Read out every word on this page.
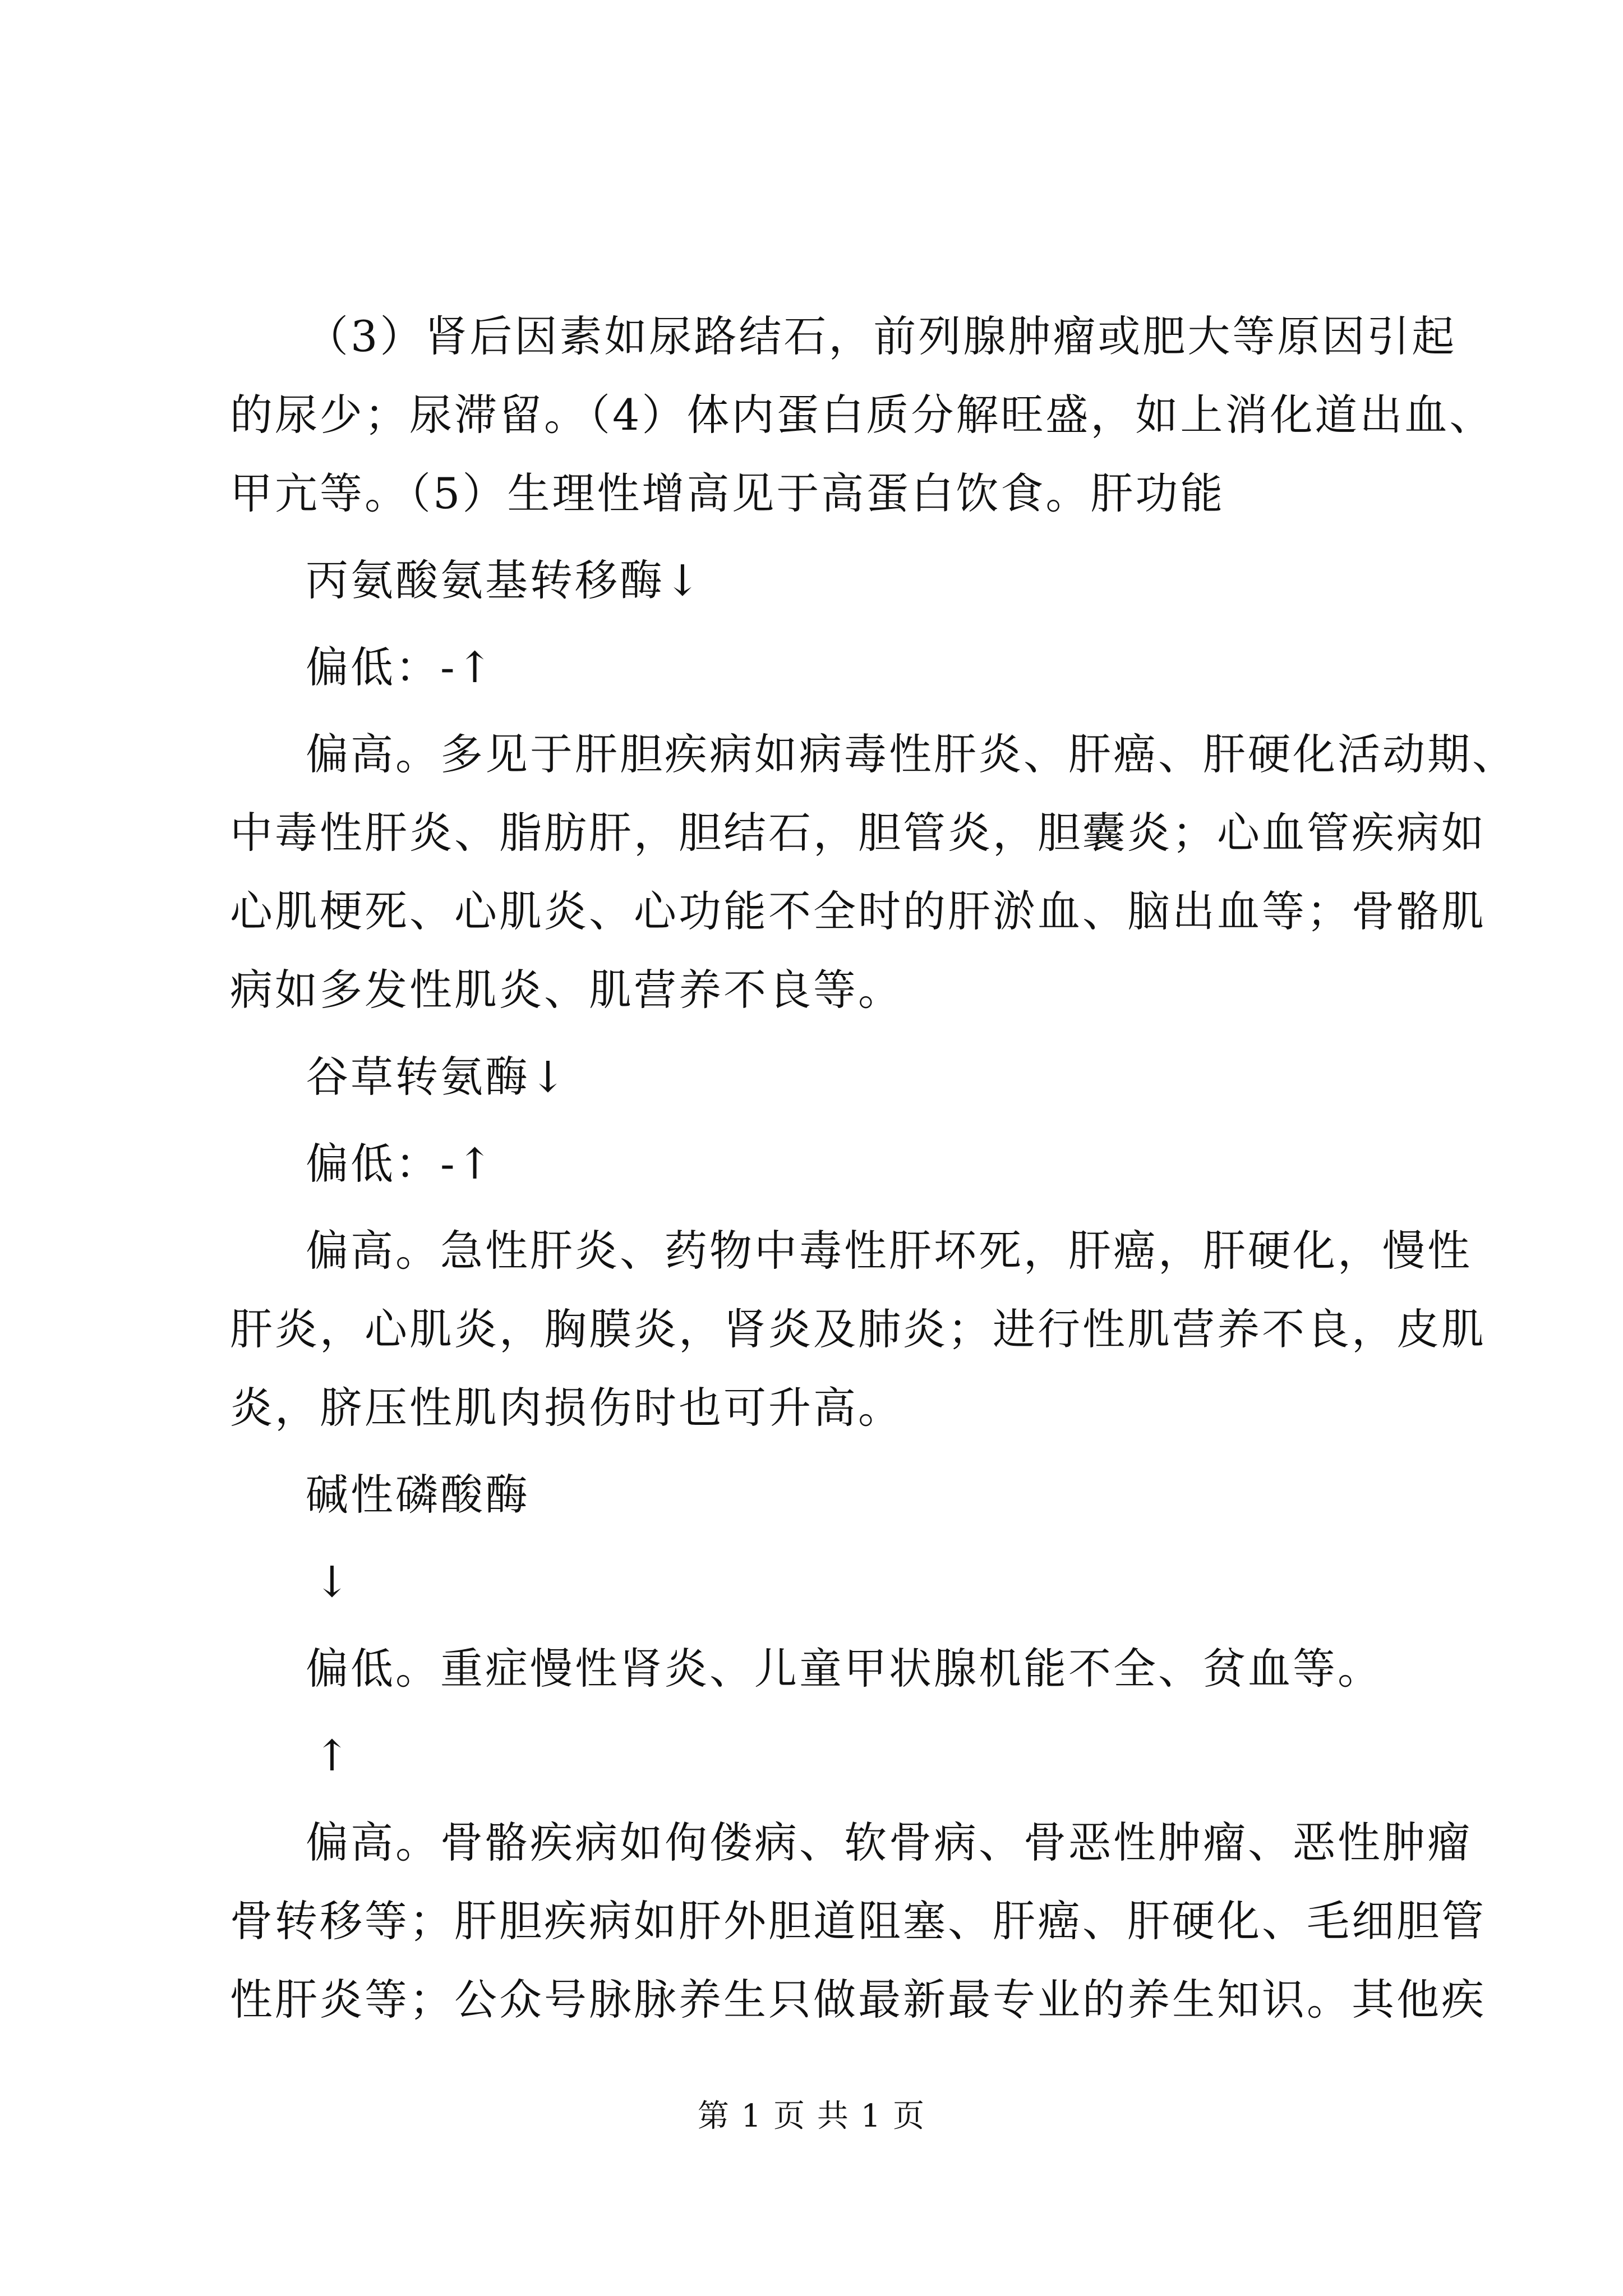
（3）肾后因素如尿路结石，前列腺肿瘤或肥大等原因引起
的尿少；尿滞留。（4）体内蛋白质分解旺盛，如上消化道出血、
甲亢等。（5）生理性增高见于高蛋白饮食。肝功能
丙氨酸氨基转移酶↓
偏低：-↑
偏高。多见于肝胆疾病如病毒性肝炎、肝癌、肝硬化活动期、
中毒性肝炎、脂肪肝，胆结石，胆管炎，胆囊炎；心血管疾病如
心肌梗死、心肌炎、心功能不全时的肝淤血、脑出血等；骨骼肌
病如多发性肌炎、肌营养不良等。
谷草转氨酶↓
偏低：-↑
偏高。急性肝炎、药物中毒性肝坏死，肝癌，肝硬化，慢性
肝炎，心肌炎，胸膜炎，肾炎及肺炎；进行性肌营养不良，皮肌
炎，脐压性肌肉损伤时也可升高。
碱性磷酸酶
↓
偏低。重症慢性肾炎、儿童甲状腺机能不全、贫血等。
↑
偏高。骨骼疾病如佝偻病、软骨病、骨恶性肿瘤、恶性肿瘤
骨转移等；肝胆疾病如肝外胆道阻塞、肝癌、肝硬化、毛细胆管
性肝炎等；公众号脉脉养生只做最新最专业的养生知识。其他疾
第 1 页 共 1 页
